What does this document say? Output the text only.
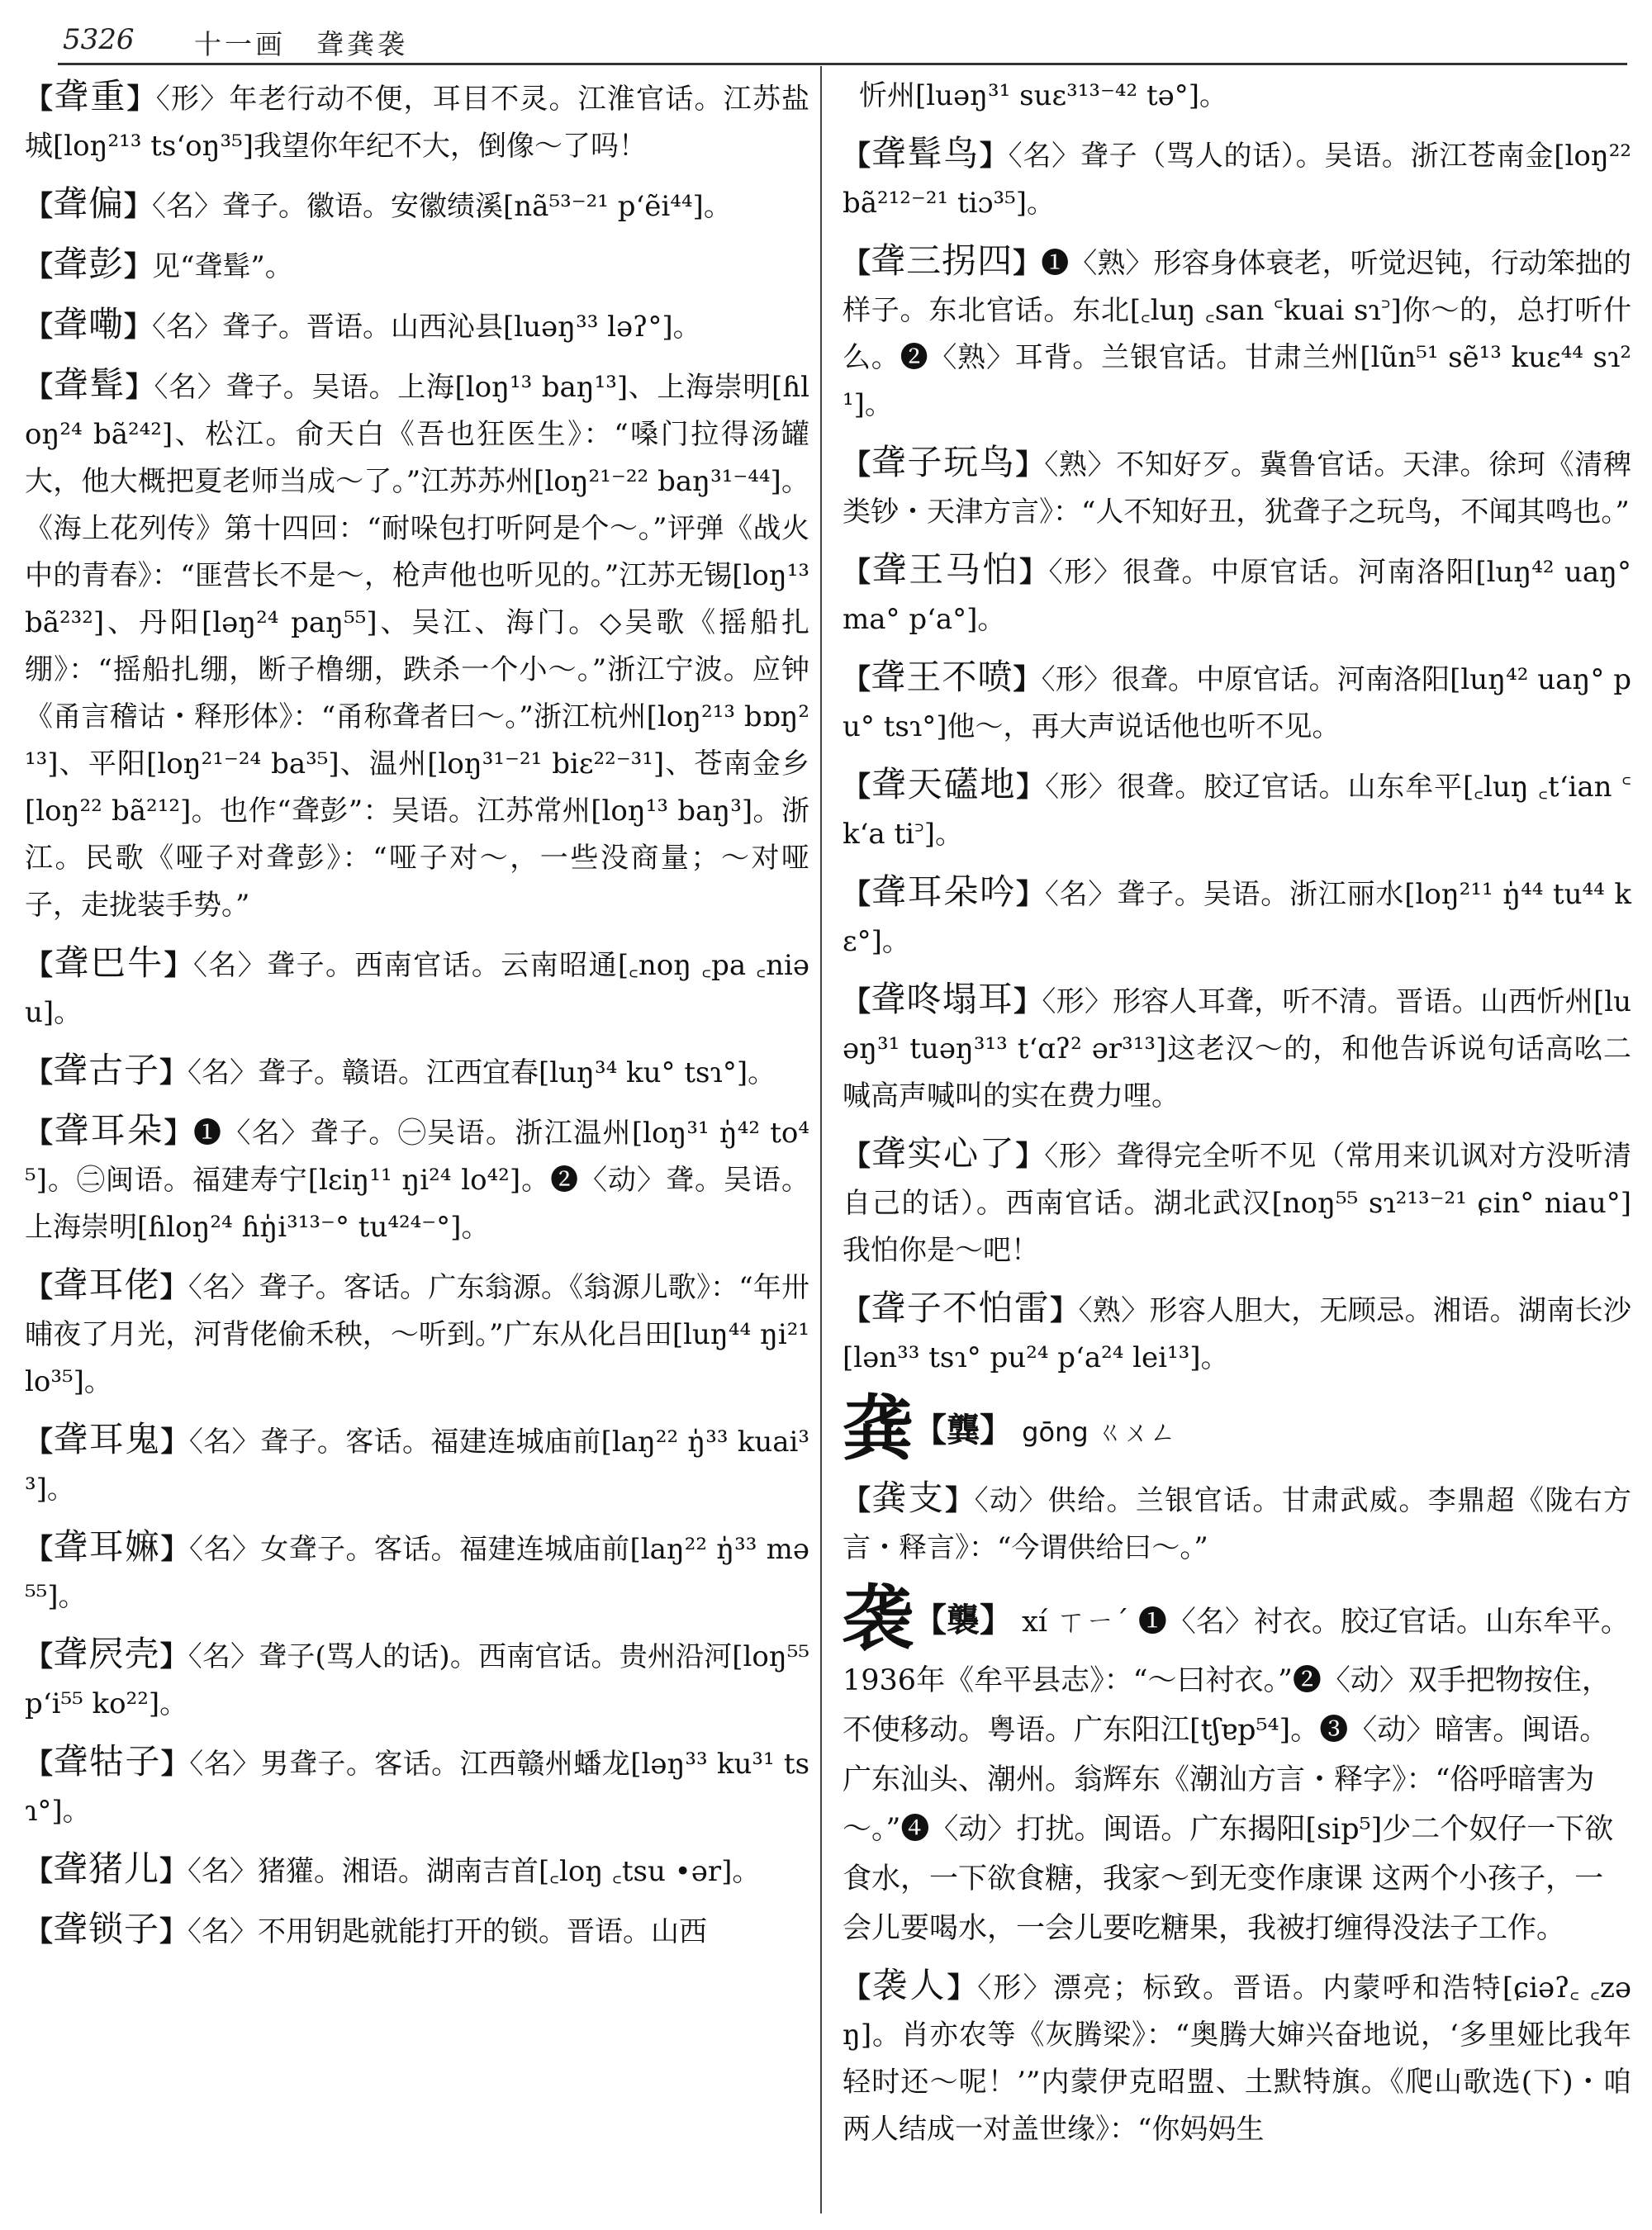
5326 十一画　聋龚袭
【聋重】〈形〉年老行动不便，耳目不灵。江淮官话。江苏盐城[loŋ²¹³ ts‘oŋ³⁵]我望你年纪不大，倒像～了吗！
【聋偏】〈名〉聋子。徽语。安徽绩溪[nã⁵³⁻²¹ p‘ẽi⁴⁴]。
【聋彭】见“聋髶”。
【聋嘞】〈名〉聋子。晋语。山西沁县[luəŋ³³ ləʔ°]。
【聋髶】〈名〉聋子。吴语。上海[loŋ¹³ baŋ¹³]、上海崇明[ɦloŋ²⁴ bã²⁴²]、松江。俞天白《吾也狂医生》：“嗓门拉得汤罐大，他大概把夏老师当成～了。”江苏苏州[loŋ²¹⁻²² baŋ³¹⁻⁴⁴]。《海上花列传》第十四回：“耐哚包打听阿是个～。”评弹《战火中的青春》：“匪营长不是～，枪声他也听见的。”江苏无锡[loŋ¹³ bã²³²]、丹阳[ləŋ²⁴ paŋ⁵⁵]、吴江、海门。◇吴歌《摇船扎绷》：“摇船扎绷，断子橹绷，跌杀一个小～。”浙江宁波。应钟《甬言稽诂・释形体》：“甬称聋者曰～。”浙江杭州[loŋ²¹³ bɒŋ²¹³]、平阳[loŋ²¹⁻²⁴ ba³⁵]、温州[loŋ³¹⁻²¹ biɛ²²⁻³¹]、苍南金乡[loŋ²² bã²¹²]。也作“聋彭”：吴语。江苏常州[loŋ¹³ baŋ³]。浙江。民歌《哑子对聋彭》：“哑子对～，一些没商量；～对哑子，走拢装手势。”
【聋巴牛】〈名〉聋子。西南官话。云南昭通[꜀noŋ ꜀pa ꜀niəu]。
【聋古子】〈名〉聋子。赣语。江西宜春[luŋ³⁴ ku° tsɿ°]。
【聋耳朵】❶〈名〉聋子。㊀吴语。浙江温州[loŋ³¹ ŋ̍⁴² to⁴⁵]。㊁闽语。福建寿宁[lɛiŋ¹¹ ŋi²⁴ lo⁴²]。❷〈动〉聋。吴语。上海崇明[ɦloŋ²⁴ ɦŋ̍i³¹³⁻° tu⁴²⁴⁻°]。
【聋耳佬】〈名〉聋子。客话。广东翁源。《翁源儿歌》：“年卅晡夜了月光，河背佬偷禾秧，～听到。”广东从化吕田[luŋ⁴⁴ ŋi²¹ lo³⁵]。
【聋耳鬼】〈名〉聋子。客话。福建连城庙前[laŋ²² ŋ̍³³ kuai³³]。
【聋耳嫲】〈名〉女聋子。客话。福建连城庙前[laŋ²² ŋ̍³³ mə⁵⁵]。
【聋屄壳】〈名〉聋子(骂人的话)。西南官话。贵州沿河[loŋ⁵⁵ p‘i⁵⁵ ko²²]。
【聋牯子】〈名〉男聋子。客话。江西赣州蟠龙[ləŋ³³ ku³¹ tsɿ°]。
【聋猪儿】〈名〉猪獾。湘语。湖南吉首[꜀loŋ ꜀tsu •ər]。
【聋锁子】〈名〉不用钥匙就能打开的锁。晋语。山西
忻州[luəŋ³¹ suɛ³¹³⁻⁴² tə°]。
【聋髶鸟】〈名〉聋子（骂人的话）。吴语。浙江苍南金[loŋ²² bã²¹²⁻²¹ tiɔ³⁵]。
【聋三拐四】❶〈熟〉形容身体衰老，听觉迟钝，行动笨拙的样子。东北官话。东北[꜀luŋ ꜀san ꜂kuai sɿ꜄]你～的，总打听什么。❷〈熟〉耳背。兰银官话。甘肃兰州[lũn⁵¹ sẽ¹³ kuɛ⁴⁴ sɿ²¹]。
【聋子玩鸟】〈熟〉不知好歹。冀鲁官话。天津。徐珂《清稗类钞・天津方言》：“人不知好丑，犹聋子之玩鸟，不闻其鸣也。”
【聋王马怕】〈形〉很聋。中原官话。河南洛阳[luŋ⁴² uaŋ° ma° p‘a°]。
【聋王不喷】〈形〉很聋。中原官话。河南洛阳[luŋ⁴² uaŋ° pu° tsɿ°]他～，再大声说话他也听不见。
【聋天礚地】〈形〉很聋。胶辽官话。山东牟平[꜀luŋ ꜀t‘ian ꜂k‘a ti꜄]。
【聋耳朵吟】〈名〉聋子。吴语。浙江丽水[loŋ²¹¹ ŋ̍⁴⁴ tu⁴⁴ kɛ°]。
【聋咚塌耳】〈形〉形容人耳聋，听不清。晋语。山西忻州[luəŋ³¹ tuəŋ³¹³ t‘ɑʔ² ər³¹³]这老汉～的，和他告诉说句话高吆二喊高声喊叫的实在费力哩。
【聋实心了】〈形〉聋得完全听不见（常用来讥讽对方没听清自己的话）。西南官话。湖北武汉[noŋ⁵⁵ sɿ²¹³⁻²¹ ɕin° niau°]我怕你是～吧！
【聋子不怕雷】〈熟〉形容人胆大，无顾忌。湘语。湖南长沙[lən³³ tsɿ° pu²⁴ p‘a²⁴ lei¹³]。
龚【龔】 gōng ㄍㄨㄥ
【龚支】〈动〉供给。兰银官话。甘肃武威。李鼎超《陇右方言・释言》：“今谓供给曰～。”
袭【襲】 xí ㄒㄧˊ ❶〈名〉衬衣。胶辽官话。山东牟平。1936年《牟平县志》：“～曰衬衣。”❷〈动〉双手把物按住，不使移动。粤语。广东阳江[tʃɐp⁵⁴]。❸〈动〉暗害。闽语。广东汕头、潮州。翁辉东《潮汕方言・释字》：“俗呼暗害为～。”❹〈动〉打扰。闽语。广东揭阳[sip⁵]少二个奴仔一下欲食水，一下欲食糖，我家～到无变作康课 这两个小孩子，一会儿要喝水，一会儿要吃糖果，我被打缠得没法子工作。
【袭人】〈形〉漂亮；标致。晋语。内蒙呼和浩特[ɕiəʔ꜀ ꜀zəŋ]。肖亦农等《灰腾梁》：“奥腾大婶兴奋地说，‘多里娅比我年轻时还～呢！’”内蒙伊克昭盟、土默特旗。《爬山歌选(下)・咱两人结成一对盖世缘》：“你妈妈生
